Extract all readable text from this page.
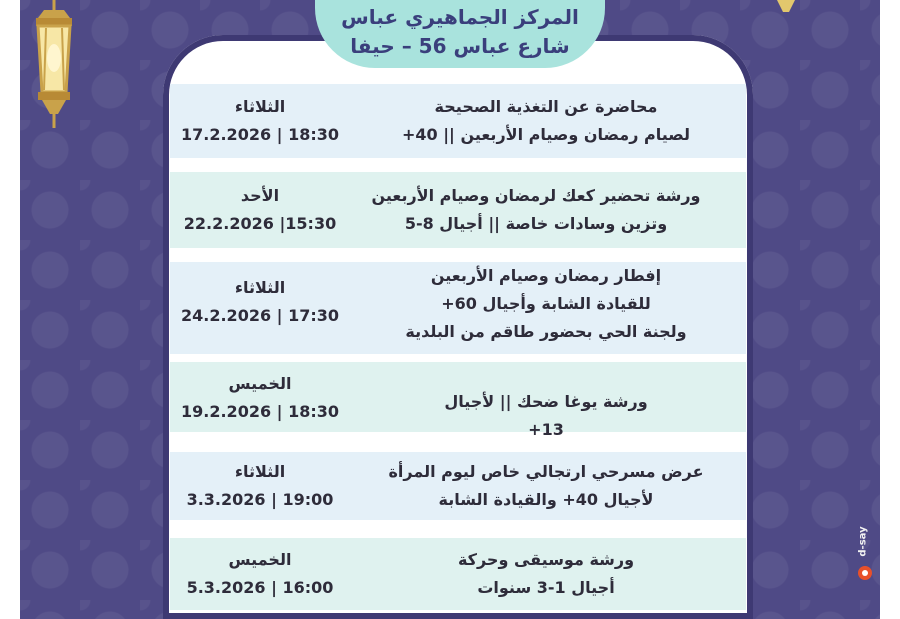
المركز الجماهيري عباس
شارع عباس 56 – حيفا
محاضرة عن التغذية الصحيحة
لصيام رمضان وصيام الأربعين || 40+
الثلاثاء
17.2.2026 | 18:30
ورشة تحضير كعك لرمضان وصيام الأربعين
وتزين وسادات خاصة || أجيال 8-5
الأحد
22.2.2026 |15:30
إفطار رمضان وصيام الأربعين
للقيادة الشابة وأجيال 60+
ولجنة الحي بحضور طاقم من البلدية
الثلاثاء
24.2.2026 | 17:30
ورشة يوغا ضحك || لأجيال
13+
الخميس
19.2.2026 | 18:30
عرض مسرحي ارتجالي خاص ليوم المرأة
لأجيال 40+ والقيادة الشابة
الثلاثاء
3.3.2026 | 19:00
ورشة موسيقى وحركة
أجيال 1-3 سنوات
الخميس
5.3.2026 | 16:00
d-say
